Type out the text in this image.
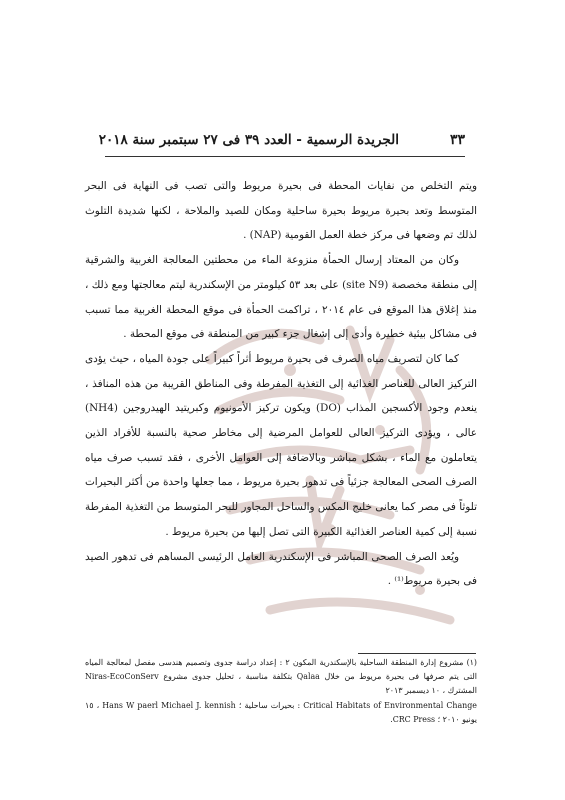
الجريدة الرسمية - العدد ٣٩ فى ٢٧ سبتمبر سنة ٢٠١٨	٣٣

ويتم التخلص من نفايات المحطة فى بحيرة مريوط والتى تصب فى النهاية فى البحر المتوسط وتعد بحيرة مريوط بحيرة ساحلية ومكان للصيد والملاحة ، لكنها شديدة التلوث لذلك تم وضعها فى مركز خطة العمل القومية (NAP) .

وكان من المعتاد إرسال الحمأة منزوعة الماء من محطتين المعالجة الغربية والشرقية إلى منطقة مخصصة (site N9) على بعد ٥٣ كيلومتر من الإسكندرية ليتم معالجتها ومع ذلك ، منذ إغلاق هذا الموقع فى عام ٢٠١٤ ، تراكمت الحمأة فى موقع المحطة الغربية مما تسبب فى مشاكل بيئية خطيرة وأدى إلى إشغال جزء كبير من المنطقة فى موقع المحطة .

كما كان لتصريف مياه الصرف فى بحيرة مريوط أثراً كبيراً على جودة المياه ، حيث يؤدى التركيز العالى للعناصر الغذائية إلى التغذية المفرطة وفى المناطق القريبة من هذه المنافذ ، ينعدم وجود الأكسجين المذاب (DO) ويكون تركيز الأمونيوم وكبريتيد الهيدروجين (NH4) عالى ، ويؤدى التركيز العالى للعوامل المرضية إلى مخاطر صحية بالنسبة للأفراد الذين يتعاملون مع الماء ، بشكل مباشر وبالاضافة إلى العوامل الأخرى ، فقد تسبب صرف مياه الصرف الصحى المعالجة جزئياً فى تدهور بحيرة مريوط ، مما جعلها واحدة من أكثر البحيرات تلوثاً فى مصر كما يعانى خليج المكس والساحل المجاور للبحر المتوسط من التغذية المفرطة نسبة إلى كمية العناصر الغذائية الكبيرة التى تصل إليها من بحيرة مريوط .

ويُعد الصرف الصحى المباشر فى الإسكندرية العامل الرئيسى المساهم فى تدهور الصيد فى بحيرة مريوط⁽¹⁾ .

(١) مشروع إدارة المنطقة الساحلية بالإسكندرية المكون ٢ : إعداد دراسة جدوى وتصميم هندسى مفصل لمعالجة المياه التى يتم صرفها فى بحيرة مريوط من خلال Qalaa بتكلفة مناسبة ، تحليل جدوى مشروع Niras-EcoConServ المشترك ، ١٠ ديسمبر ٢٠١٣

Critical Habitats of Environmental Change : بحيرات ساحلية ؛ Hans W paerl Michael J. kennish ، ١٥ يونيو ٢٠١٠ ؛ CRC Press.
